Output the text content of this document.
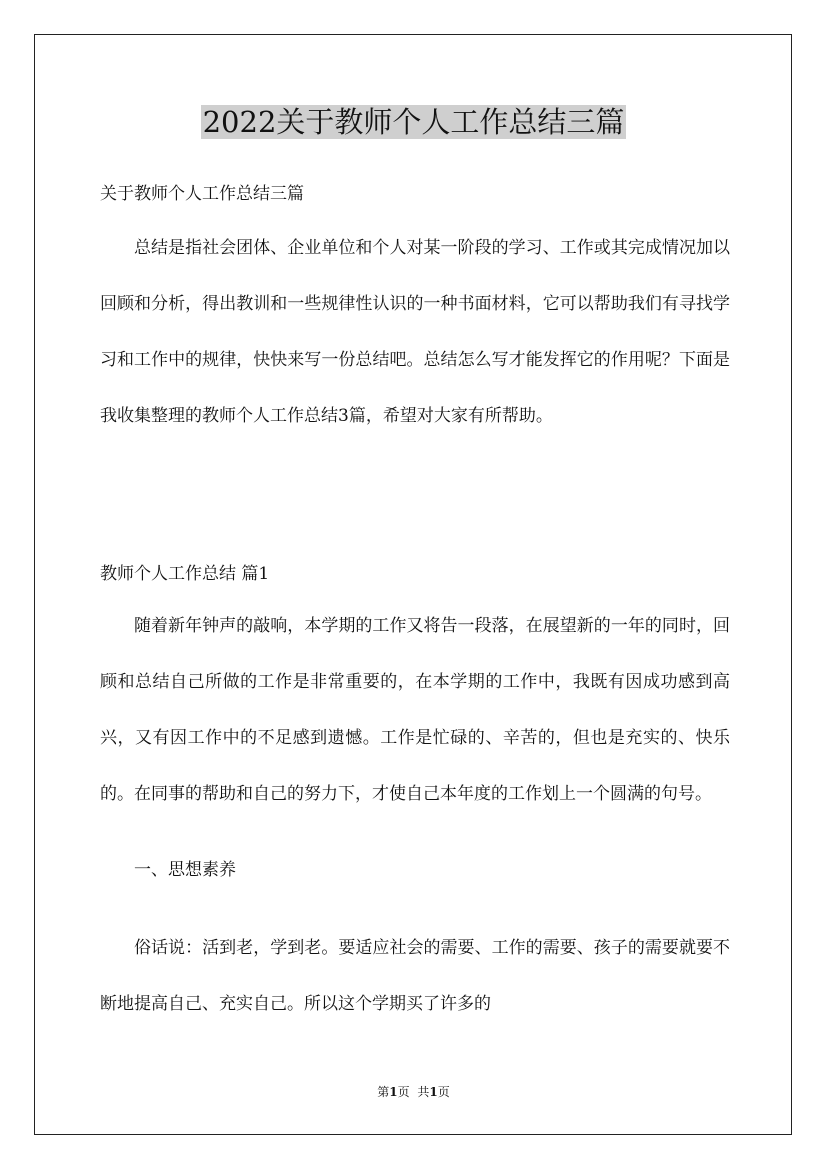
2022关于教师个人工作总结三篇

关于教师个人工作总结三篇

总结是指社会团体、企业单位和个人对某一阶段的学习、工作或其完成情况加以回顾和分析，得出教训和一些规律性认识的一种书面材料，它可以帮助我们有寻找学习和工作中的规律，快快来写一份总结吧。总结怎么写才能发挥它的作用呢？下面是我收集整理的教师个人工作总结3篇，希望对大家有所帮助。

教师个人工作总结 篇1

随着新年钟声的敲响，本学期的工作又将告一段落，在展望新的一年的同时，回顾和总结自己所做的工作是非常重要的，在本学期的工作中，我既有因成功感到高兴，又有因工作中的不足感到遗憾。工作是忙碌的、辛苦的，但也是充实的、快乐的。在同事的帮助和自己的努力下，才使自己本年度的工作划上一个圆满的句号。

一、思想素养

俗话说：活到老，学到老。要适应社会的需要、工作的需要、孩子的需要就要不断地提高自己、充实自己。所以这个学期买了许多的

第1页 共1页
